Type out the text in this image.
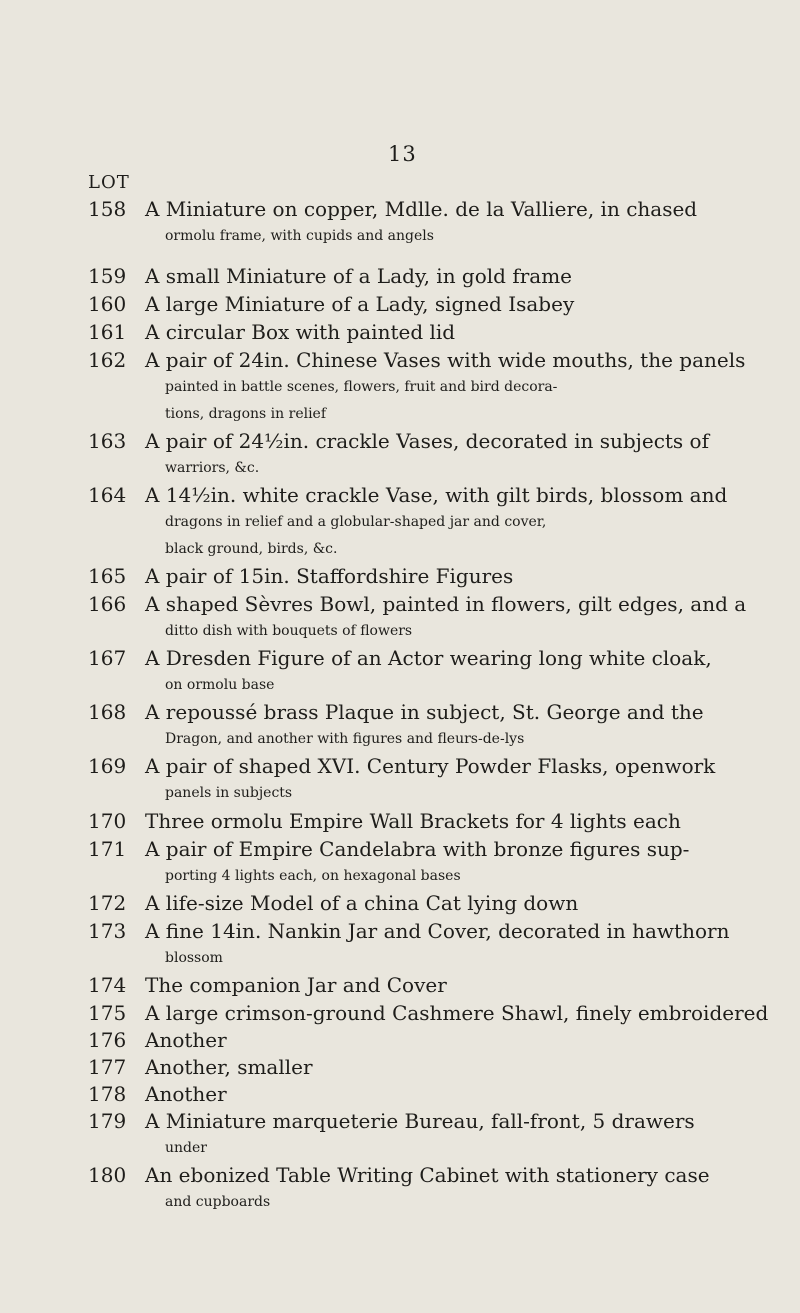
13
LOT
158 A Miniature on copper, Mdlle. de la Valliere, in chased
ormolu frame, with cupids and angels
159 A small Miniature of a Lady, in gold frame
160 A large Miniature of a Lady, signed Isabey
161 A circular Box with painted lid
162 A pair of 24in. Chinese Vases with wide mouths, the panels
painted in battle scenes, flowers, fruit and bird decora-
tions, dragons in relief
163 A pair of 24½in. crackle Vases, decorated in subjects of
warriors, &c.
164 A 14½in. white crackle Vase, with gilt birds, blossom and
dragons in relief and a globular-shaped jar and cover,
black ground, birds, &c.
165 A pair of 15in. Staffordshire Figures
166 A shaped Sèvres Bowl, painted in flowers, gilt edges, and a
ditto dish with bouquets of flowers
167 A Dresden Figure of an Actor wearing long white cloak,
on ormolu base
168 A repoussé brass Plaque in subject, St. George and the
Dragon, and another with figures and fleurs-de-lys
169 A pair of shaped XVI. Century Powder Flasks, openwork
panels in subjects
170 Three ormolu Empire Wall Brackets for 4 lights each
171 A pair of Empire Candelabra with bronze figures sup-
porting 4 lights each, on hexagonal bases
172 A life-size Model of a china Cat lying down
173 A fine 14in. Nankin Jar and Cover, decorated in hawthorn
blossom
174 The companion Jar and Cover
175 A large crimson-ground Cashmere Shawl, finely embroidered
176 Another
177 Another, smaller
178 Another
179 A Miniature marqueterie Bureau, fall-front, 5 drawers
under
180 An ebonized Table Writing Cabinet with stationery case
and cupboards
